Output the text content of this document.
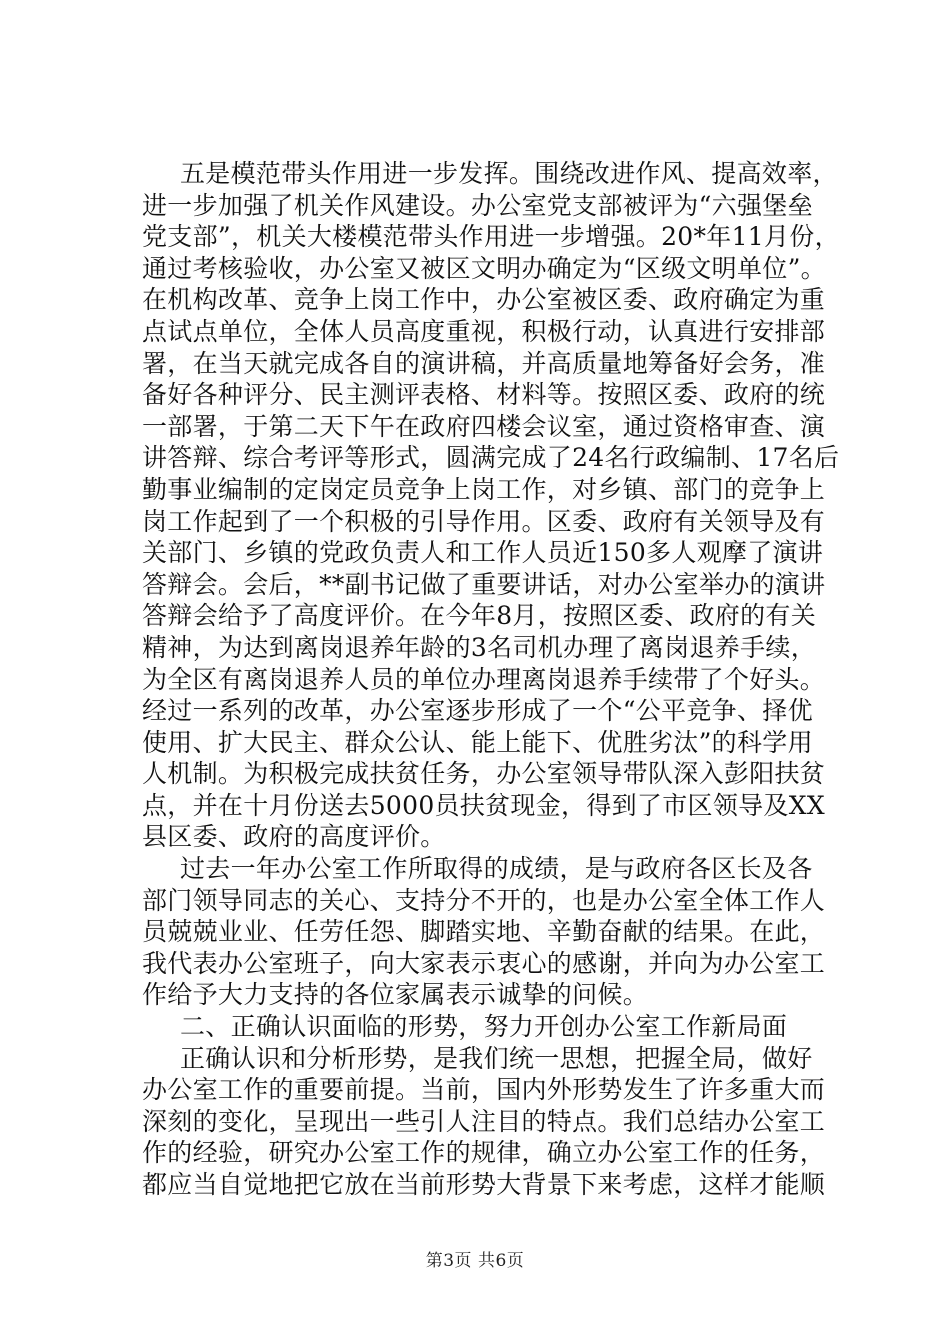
五是模范带头作用进一步发挥。围绕改进作风、提高效率，
进一步加强了机关作风建设。办公室党支部被评为“六强堡垒
党支部”，机关大楼模范带头作用进一步增强。20*年11月份，
通过考核验收，办公室又被区文明办确定为“区级文明单位”。
在机构改革、竞争上岗工作中，办公室被区委、政府确定为重
点试点单位，全体人员高度重视，积极行动，认真进行安排部
署，在当天就完成各自的演讲稿，并高质量地筹备好会务，准
备好各种评分、民主测评表格、材料等。按照区委、政府的统
一部署，于第二天下午在政府四楼会议室，通过资格审查、演
讲答辩、综合考评等形式，圆满完成了24名行政编制、17名后
勤事业编制的定岗定员竞争上岗工作，对乡镇、部门的竞争上
岗工作起到了一个积极的引导作用。区委、政府有关领导及有
关部门、乡镇的党政负责人和工作人员近150多人观摩了演讲
答辩会。会后，**副书记做了重要讲话，对办公室举办的演讲
答辩会给予了高度评价。在今年8月，按照区委、政府的有关
精神，为达到离岗退养年龄的3名司机办理了离岗退养手续，
为全区有离岗退养人员的单位办理离岗退养手续带了个好头。
经过一系列的改革，办公室逐步形成了一个“公平竞争、择优
使用、扩大民主、群众公认、能上能下、优胜劣汰”的科学用
人机制。为积极完成扶贫任务，办公室领导带队深入彭阳扶贫
点，并在十月份送去5000员扶贫现金，得到了市区领导及XX
县区委、政府的高度评价。
过去一年办公室工作所取得的成绩，是与政府各区长及各
部门领导同志的关心、支持分不开的，也是办公室全体工作人
员兢兢业业、任劳任怨、脚踏实地、辛勤奋献的结果。在此，
我代表办公室班子，向大家表示衷心的感谢，并向为办公室工
作给予大力支持的各位家属表示诚挚的问候。
二、正确认识面临的形势，努力开创办公室工作新局面
正确认识和分析形势，是我们统一思想，把握全局，做好
办公室工作的重要前提。当前，国内外形势发生了许多重大而
深刻的变化，呈现出一些引人注目的特点。我们总结办公室工
作的经验，研究办公室工作的规律，确立办公室工作的任务，
都应当自觉地把它放在当前形势大背景下来考虑，这样才能顺
第3页 共6页
